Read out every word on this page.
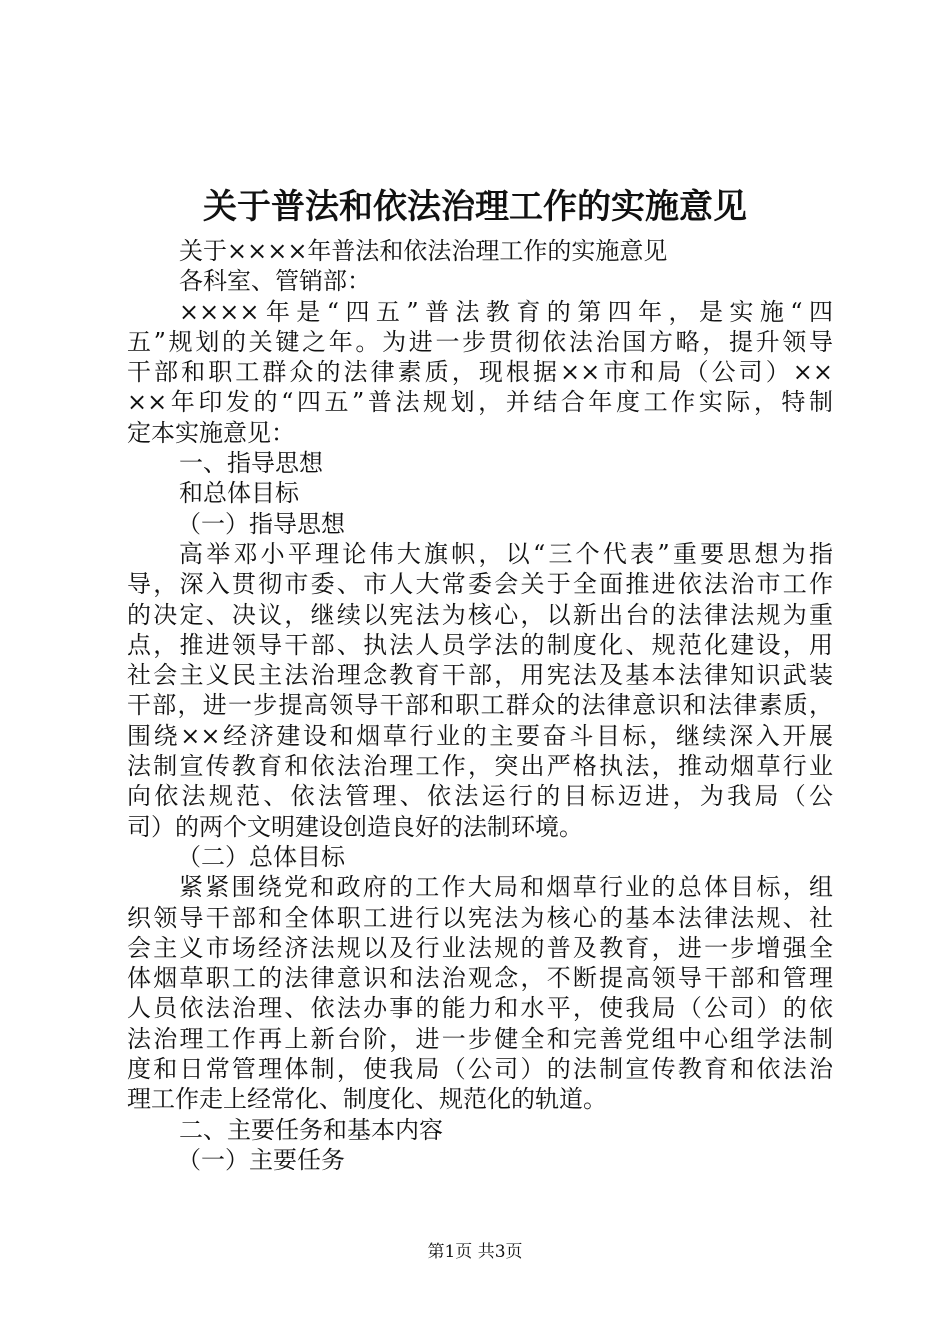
关于普法和依法治理工作的实施意见
关于××××年普法和依法治理工作的实施意见
各科室、管销部：
××××年是“四五”普法教育的第四年，是实施“四
五”规划的关键之年。为进一步贯彻依法治国方略，提升领导
干部和职工群众的法律素质，现根据××市和局（公司）××
××年印发的“四五”普法规划，并结合年度工作实际，特制
定本实施意见：
一、指导思想
和总体目标
（一）指导思想
高举邓小平理论伟大旗帜，以“三个代表”重要思想为指
导，深入贯彻市委、市人大常委会关于全面推进依法治市工作
的决定、决议，继续以宪法为核心，以新出台的法律法规为重
点，推进领导干部、执法人员学法的制度化、规范化建设，用
社会主义民主法治理念教育干部，用宪法及基本法律知识武装
干部，进一步提高领导干部和职工群众的法律意识和法律素质，
围绕××经济建设和烟草行业的主要奋斗目标，继续深入开展
法制宣传教育和依法治理工作，突出严格执法，推动烟草行业
向依法规范、依法管理、依法运行的目标迈进，为我局（公
司）的两个文明建设创造良好的法制环境。
（二）总体目标
紧紧围绕党和政府的工作大局和烟草行业的总体目标，组
织领导干部和全体职工进行以宪法为核心的基本法律法规、社
会主义市场经济法规以及行业法规的普及教育，进一步增强全
体烟草职工的法律意识和法治观念，不断提高领导干部和管理
人员依法治理、依法办事的能力和水平，使我局（公司）的依
法治理工作再上新台阶，进一步健全和完善党组中心组学法制
度和日常管理体制，使我局（公司）的法制宣传教育和依法治
理工作走上经常化、制度化、规范化的轨道。
二、主要任务和基本内容
（一）主要任务
第1页 共3页
